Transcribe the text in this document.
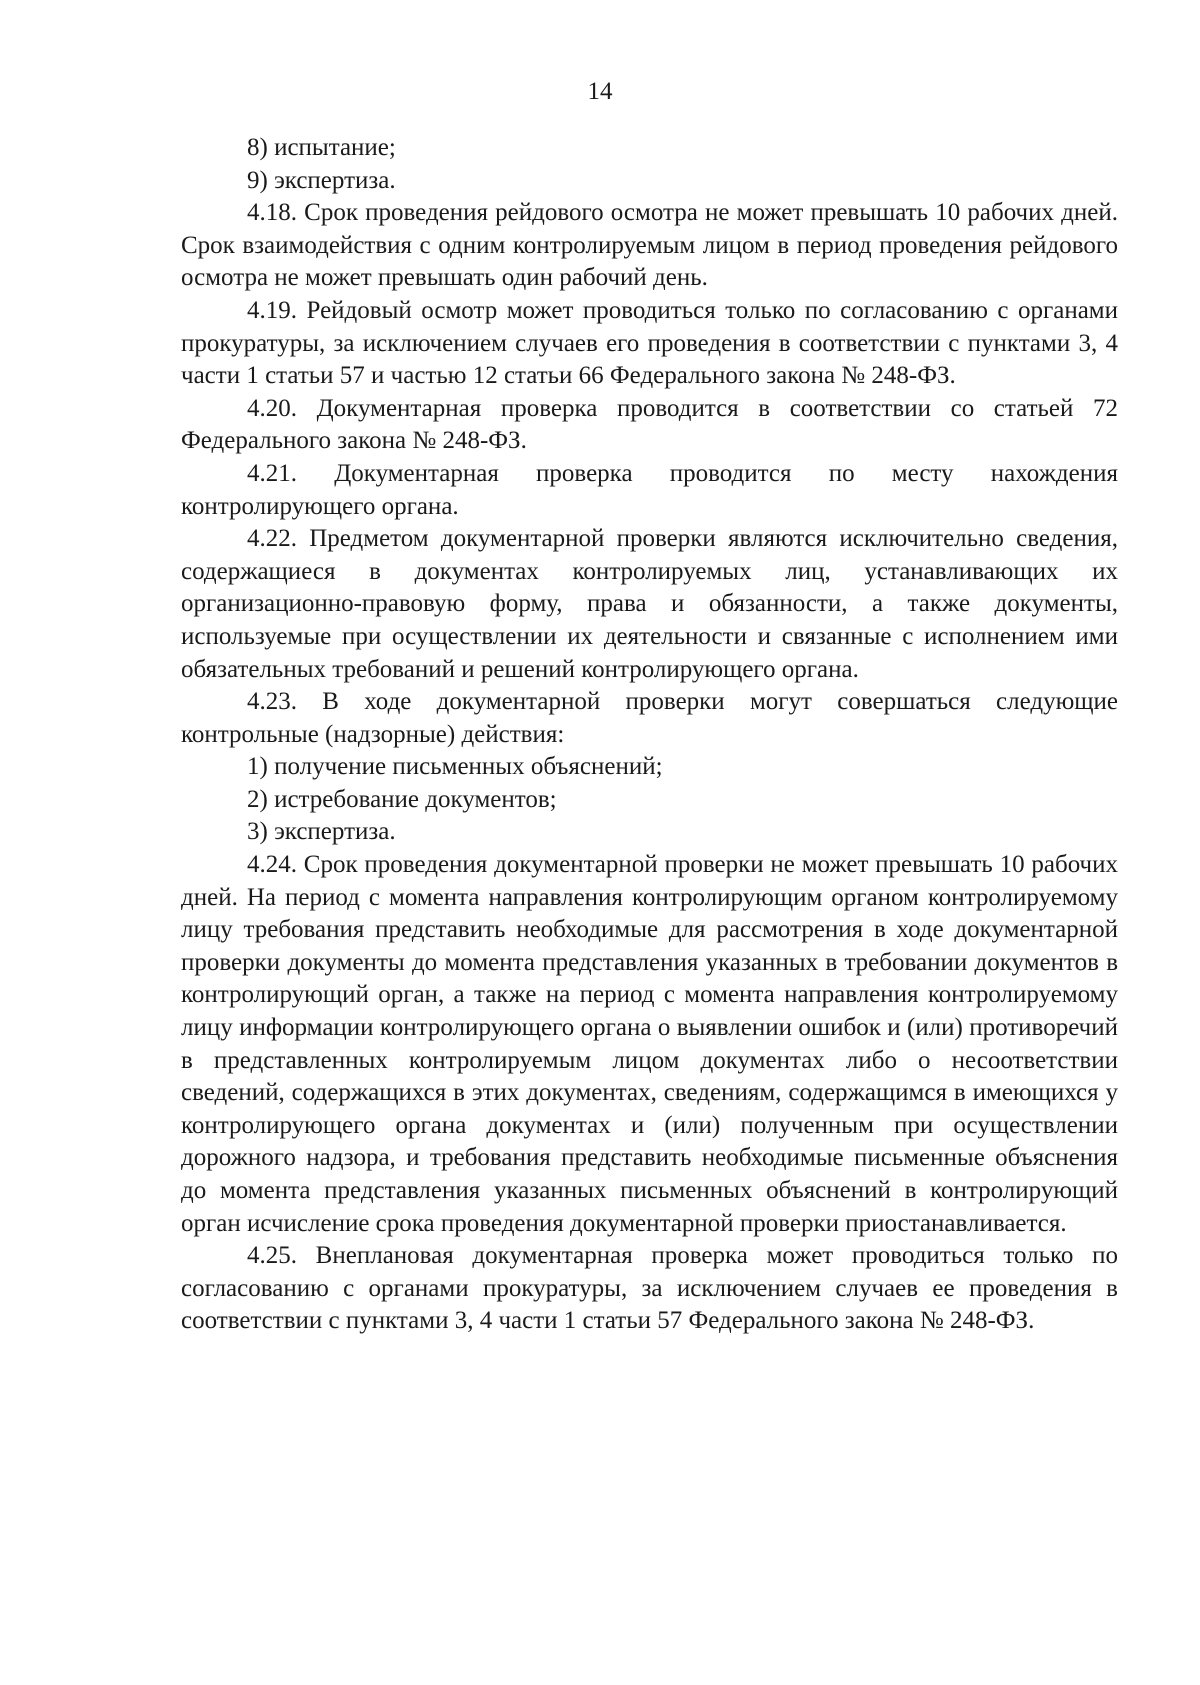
14

8) испытание;

9) экспертиза.

4.18. Срок проведения рейдового осмотра не может превышать 10 рабочих дней. Срок взаимодействия с одним контролируемым лицом в период проведения рейдового осмотра не может превышать один рабочий день.

4.19. Рейдовый осмотр может проводиться только по согласованию с органами прокуратуры, за исключением случаев его проведения в соответствии с пунктами 3, 4 части 1 статьи 57 и частью 12 статьи 66 Федерального закона № 248-ФЗ.

4.20. Документарная проверка проводится в соответствии со статьей 72 Федерального закона № 248-ФЗ.

4.21. Документарная проверка проводится по месту нахождения контролирующего органа.

4.22. Предметом документарной проверки являются исключительно сведения, содержащиеся в документах контролируемых лиц, устанавливающих их организационно-правовую форму, права и обязанности, а также документы, используемые при осуществлении их деятельности и связанные с исполнением ими обязательных требований и решений контролирующего органа.

4.23. В ходе документарной проверки могут совершаться следующие контрольные (надзорные) действия:

1) получение письменных объяснений;

2) истребование документов;

3) экспертиза.

4.24. Срок проведения документарной проверки не может превышать 10 рабочих дней. На период с момента направления контролирующим органом контролируемому лицу требования представить необходимые для рассмотрения в ходе документарной проверки документы до момента представления указанных в требовании документов в контролирующий орган, а также на период с момента направления контролируемому лицу информации контролирующего органа о выявлении ошибок и (или) противоречий в представленных контролируемым лицом документах либо о несоответствии сведений, содержащихся в этих документах, сведениям, содержащимся в имеющихся у контролирующего органа документах и (или) полученным при осуществлении дорожного надзора, и требования представить необходимые письменные объяснения до момента представления указанных письменных объяснений в контролирующий орган исчисление срока проведения документарной проверки приостанавливается.

4.25. Внеплановая документарная проверка может проводиться только по согласованию с органами прокуратуры, за исключением случаев ее проведения в соответствии с пунктами 3, 4 части 1 статьи 57 Федерального закона № 248-ФЗ.
